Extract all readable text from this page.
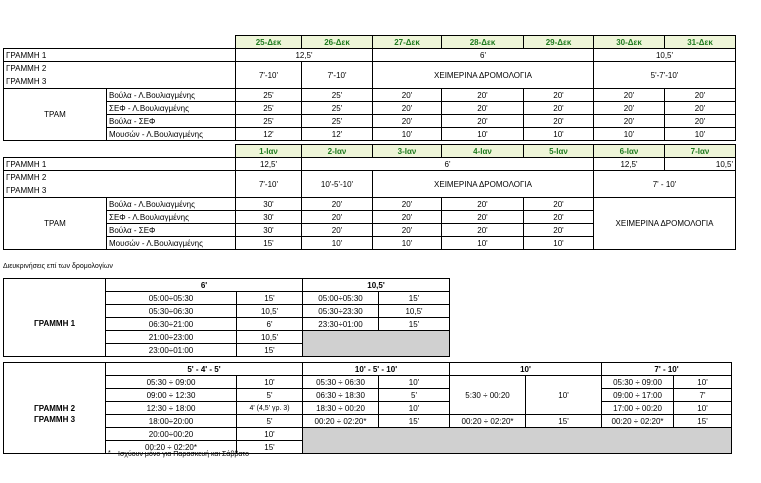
		25-Δεκ	26-Δεκ	27-Δεκ	28-Δεκ	29-Δεκ	30-Δεκ	31-Δεκ
ΓΡΑΜΜΗ 1		12,5'		6'			10,5'	

ΓΡΑΜΜΗ 2
ΓΡΑΜΜΗ 3		7'-10'	7'-10'	ΧΕΙΜΕΡΙΝΑ ΔΡΟΜΟΛΟΓΙΑ			5'-7'-10'	
ΤΡΑΜ	Βούλα - Λ.Βουλιαγμένης	25'	25'	20'	20'	20'	20'	20'
	ΣΕΦ - Λ.Βουλιαγμένης	25'	25'	20'	20'	20'	20'	20'
	Βούλα - ΣΕΦ	25'	25'	20'	20'	20'	20'	20'
	Μουσών - Λ.Βουλιαγμένης	12'	12'	10'	10'	10'	10'	10'
		1-Ιαν	2-Ιαν	3-Ιαν	4-Ιαν	5-Ιαν	6-Ιαν	7-Ιαν
ΓΡΑΜΜΗ 1		12,5'	6'				12,5'	10,5'

ΓΡΑΜΜΗ 2
ΓΡΑΜΜΗ 3		7'-10'	10'-5'-10'	ΧΕΙΜΕΡΙΝΑ ΔΡΟΜΟΛΟΓΙΑ			7' - 10'	
ΤΡΑΜ	Βούλα - Λ.Βουλιαγμένης	30'	20'	20'	20'	20'	ΧΕΙΜΕΡΙΝΑ ΔΡΟΜΟΛΟΓΙΑ	
	ΣΕΦ - Λ.Βουλιαγμένης	30'	20'	20'	20'	20'		
	Βούλα - ΣΕΦ	30'	20'	20'	20'	20'		
	Μουσών - Λ.Βουλιαγμένης	15'	10'	10'	10'	10'		
Διευκρινήσεις επί των δρομολογίων
	6'		10,5'	
ΓΡΑΜΜΗ 1	05:00÷05:30	15'	05:00÷05:30	15'
	05:30÷06:30	10,5'	05:30÷23:30	10,5'
	06:30÷21:00	6'	23:30÷01:00	15'
	21:00÷23:00	10,5'		
	23:00÷01:00	15'		
	5' - 4' - 5'		10' - 5' - 10'		10'		7' - 10'	

ΓΡΑΜΜΗ 2
ΓΡΑΜΜΗ 3	05:30 ÷ 09:00	10'	05:30 ÷ 06:30	10'	5:30 ÷ 00:20	10'	05:30 ÷ 09:00	10'
	09:00 ÷ 12:30	5'	06:30 ÷ 18:30	5'			09:00 ÷ 17:00	7'
	12:30 ÷ 18:00	4' (4,5' γρ. 3)	18:30 ÷ 00:20	10'			17:00 ÷ 00:20	10'
	18:00÷20:00	5'	00:20 ÷ 02:20*	15'	00:20 ÷ 02:20*	15'	00:20 ÷ 02:20*	15'
	20:00÷00:20	10'						
	00:20 ÷ 02:20*	15'						
* Ισχύουν μόνο για Παρασκευή και Σάββατο
